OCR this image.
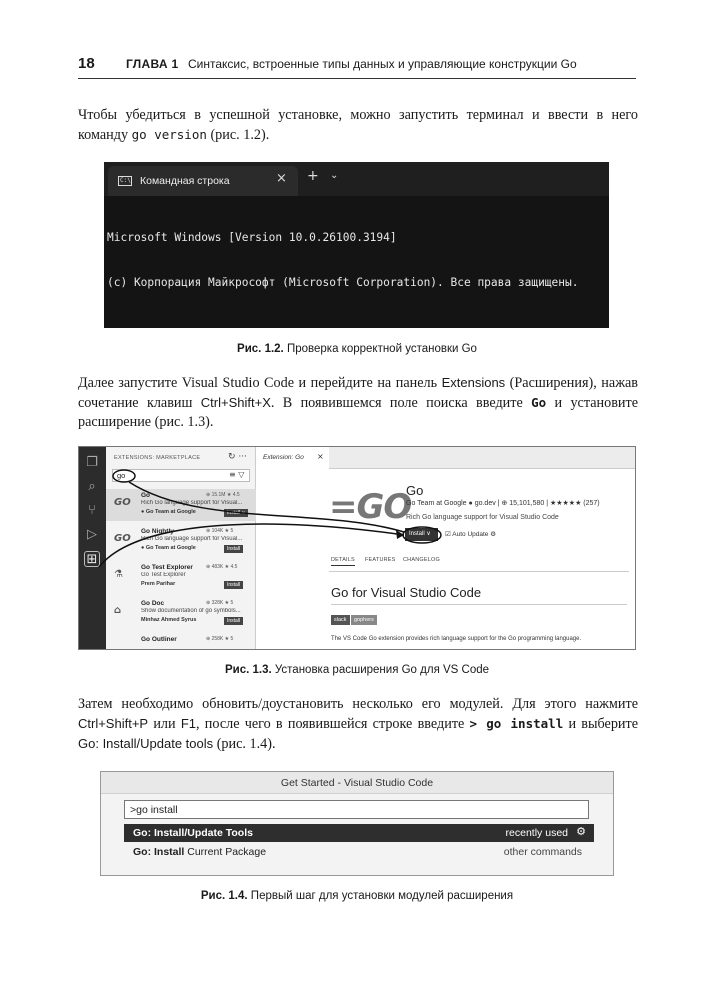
18	ГЛАВА 1 Синтаксис, встроенные типы данных и управляющие конструкции Go

Чтобы убедиться в успешной установке, можно запустить терминал и ввести в него команду go version (рис. 1.2).

C:\ Командная строка	× + ⌄

Microsoft Windows [Version 10.0.26100.3194]

(c) Корпорация Майкрософт (Microsoft Corporation). Все права защищены.

Рис. 1.2. Проверка корректной установки Go

Далее запустите Visual Studio Code и перейдите на панель Extensions (Расширения), нажав сочетание клавиш Ctrl+Shift+X. В появившемся поле поиска введите Go и установите расширение (рис. 1.3).

❐
⌕
⑂
▷
⊞
EXTENSIONS: MARKETPLACE	↻ ···
go	≡ ▽
GO
Go	⊕ 15.1M ★ 4.5
Rich Go language support for Visual...
● Go Team at Google	Install ∨
GO
Go Nightly	⊕ 104K ★ 5
Rich Go language support for Visual...
● Go Team at Google	Install
⚗
Go Test Explorer	⊕ 483K ★ 4.5
Go Test Explorer
Prem Parihar	Install
⌂
Go Doc	⊕ 328K ★ 5
Show documentation of go symbols...
Minhaz Ahmed Syrus	Install
Go Outliner	⊕ 258K ★ 5
Extension: Go ×
=GO
Go
Go Team at Google ● go.dev | ⊕ 15,101,580 | ★★★★★ (257)
Rich Go language support for Visual Studio Code
Install ∨	☑ Auto Update ⚙
DETAILS FEATURES CHANGELOG
Go for Visual Studio Code
slack	gophers
The VS Code Go extension provides rich language support for the Go programming language.
Рис. 1.3. Установка расширения Go для VS Code

Затем необходимо обновить/доустановить несколько его модулей. Для этого нажмите Ctrl+Shift+P или F1, после чего в появившейся строке введите > go install и выберите Go: Install/Update tools (рис. 1.4).

Get Started - Visual Studio Code
>go install
Go: Install/Update Tools	recently used ⚙
Go: Install Current Package	other commands
Рис. 1.4. Первый шаг для установки модулей расширения
